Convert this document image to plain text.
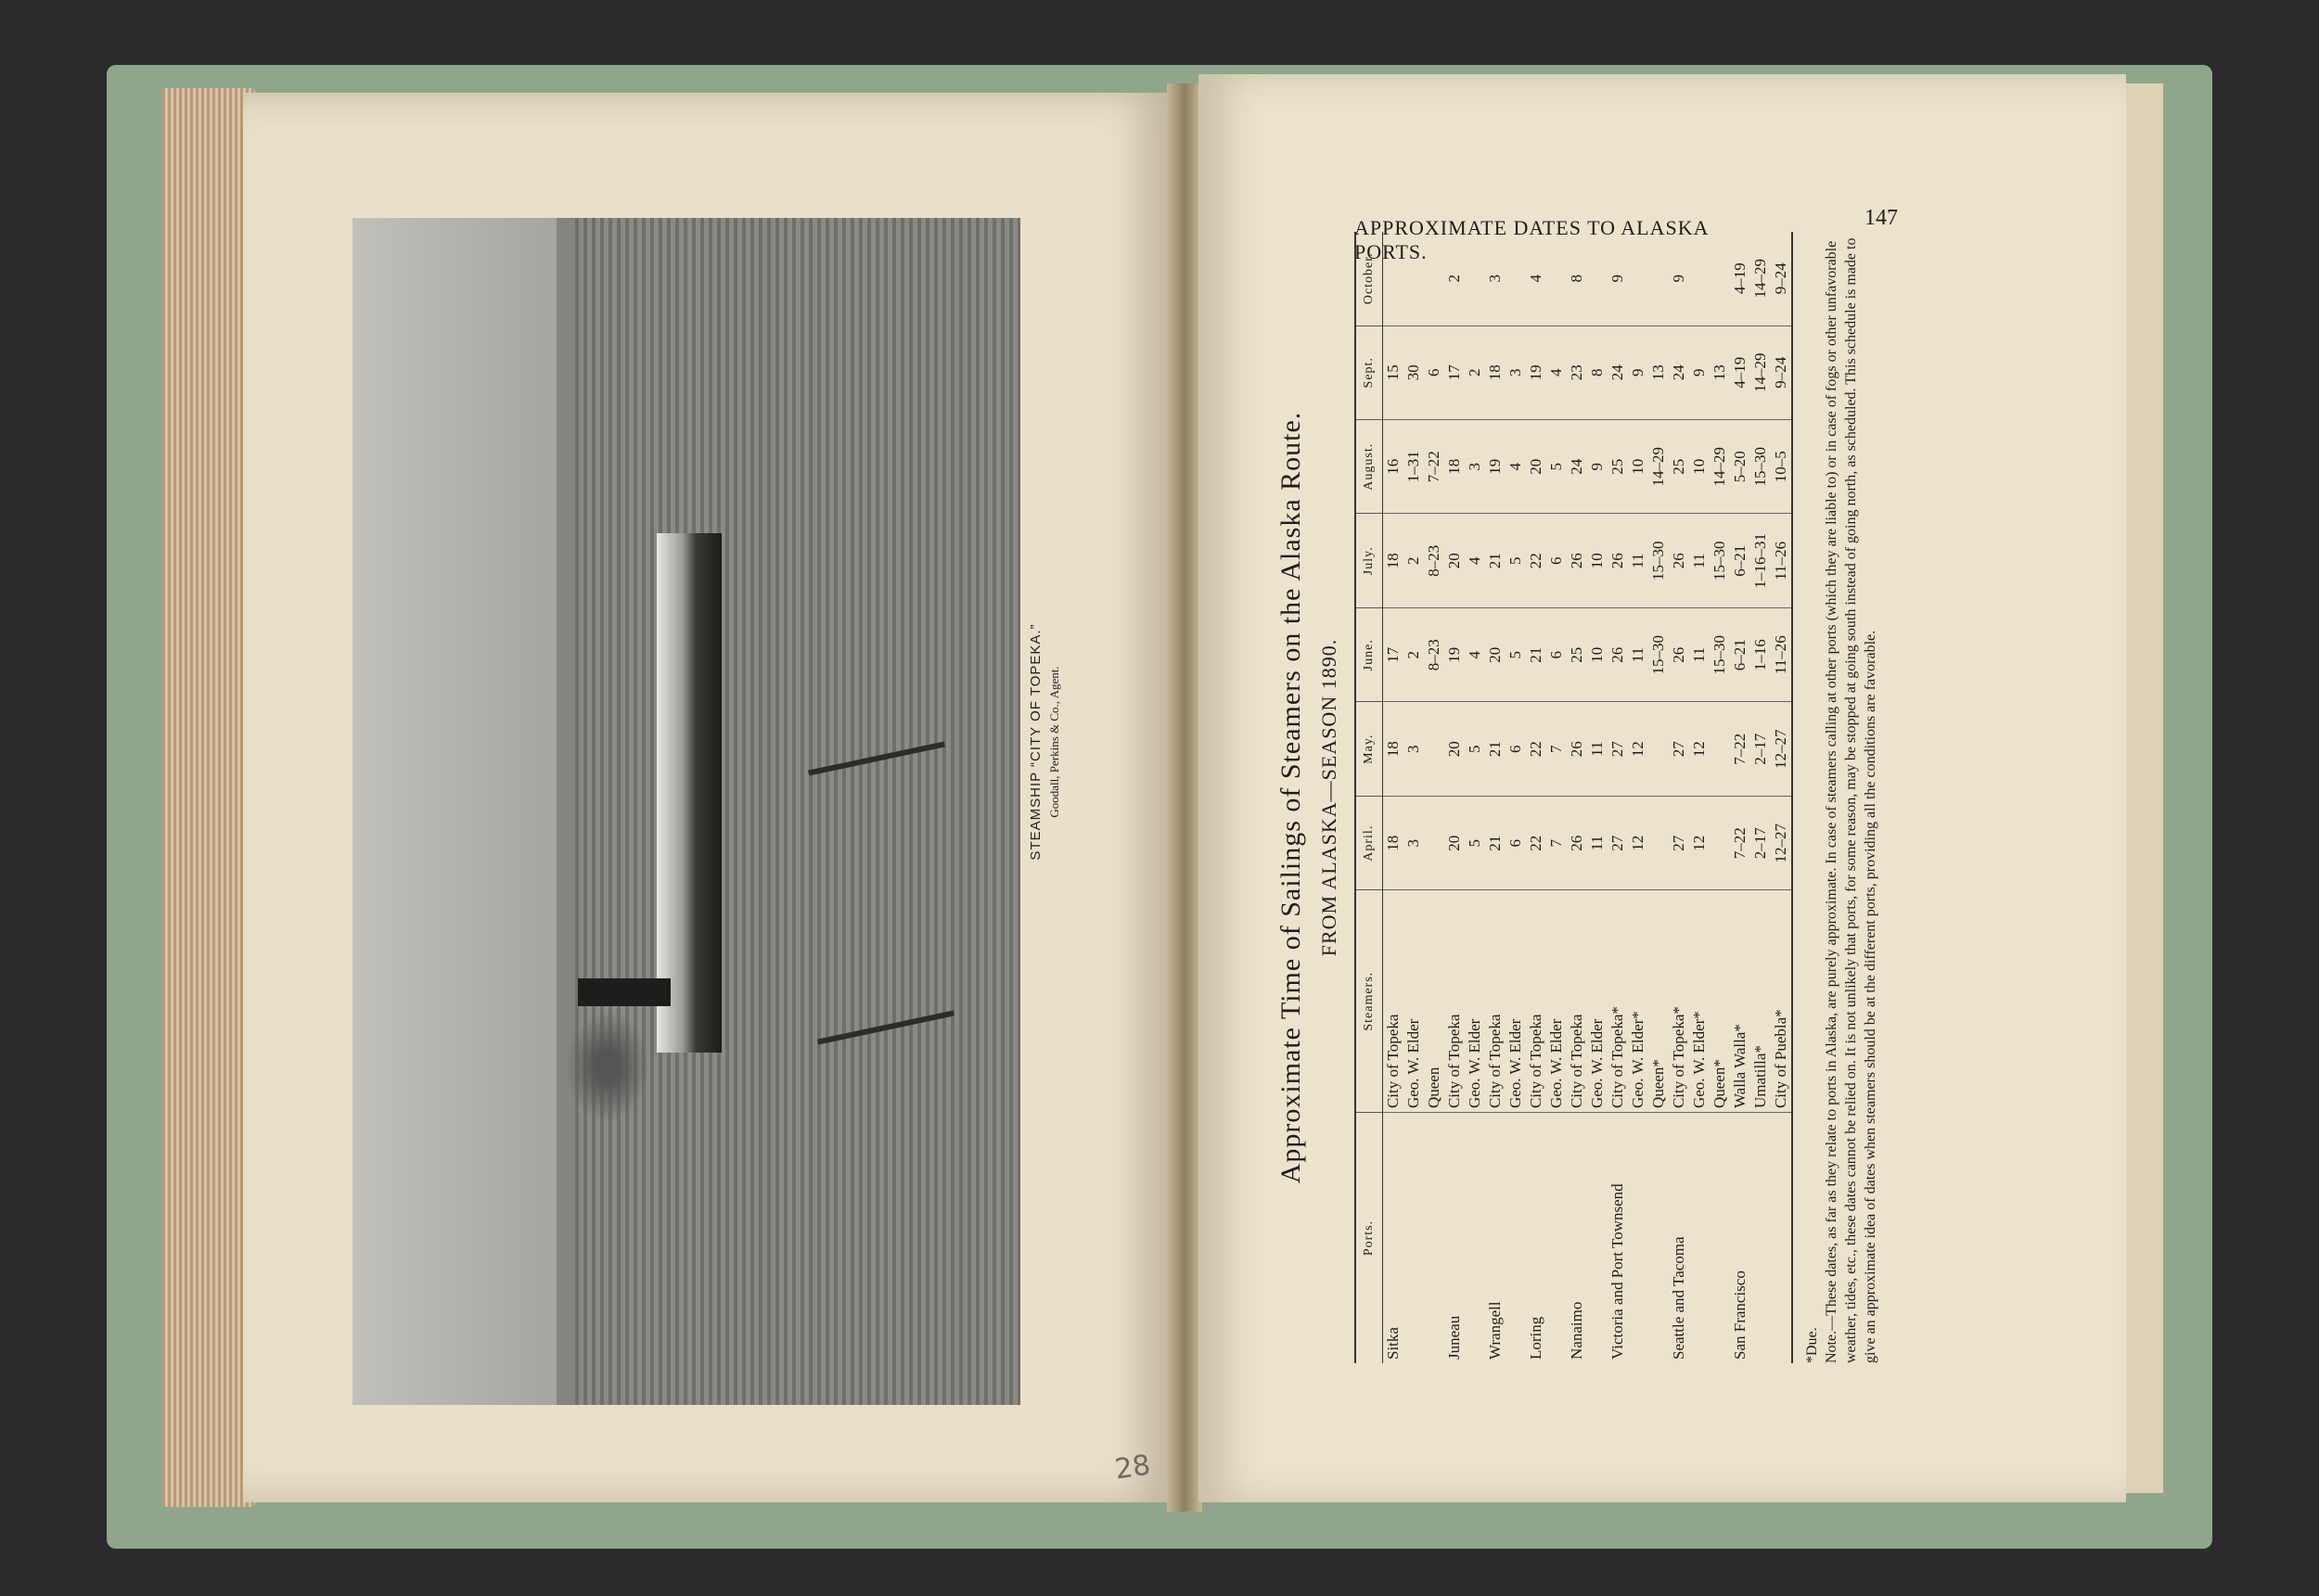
STEAMSHIP “CITY OF TOPEKA.” Goodall, Perkins & Co., Agent.
28
APPROXIMATE DATES TO ALASKA PORTS.
147
Approximate Time of Sailings of Steamers on the Alaska Route. FROM ALASKA—SEASON 1890.
Ports.	Steamers.	April.	May.	June.	July.	August.	Sept.	October.
Sitka	City of Topeka	18	18	17	18	16	15	
	Geo. W. Elder	3	3	2	2	1–31	30	
	Queen			8–23	8–23	7–22	6	
Juneau	City of Topeka	20	20	19	20	18	17	2
	Geo. W. Elder	5	5	4	4	3	2	
Wrangell	City of Topeka	21	21	20	21	19	18	3
	Geo. W. Elder	6	6	5	5	4	3	
Loring	City of Topeka	22	22	21	22	20	19	4
	Geo. W. Elder	7	7	6	6	5	4	
Nanaimo	City of Topeka	26	26	25	26	24	23	8
	Geo. W. Elder	11	11	10	10	9	8	
Victoria and Port Townsend	City of Topeka*	27	27	26	26	25	24	9
	Geo. W. Elder*	12	12	11	11	10	9	
	Queen*			15–30	15–30	14–29	13	
Seattle and Tacoma	City of Topeka*	27	27	26	26	25	24	9
	Geo. W. Elder*	12	12	11	11	10	9	
	Queen*			15–30	15–30	14–29	13	
San Francisco	Walla Walla*	7–22	7–22	6–21	6–21	5–20	4–19	4–19
	Umatilla*	2–17	2–17	1–16	1–16–31	15–30	14–29	14–29
	City of Puebla*	12–27	12–27	11–26	11–26	10–5	9–24	9–24
*Due. Note.—These dates, as far as they relate to ports in Alaska, are purely approximate. In case of steamers calling at other ports (which they are liable to) or in case of fogs or other unfavorable weather, tides, etc., these dates cannot be relied on. It is not unlikely that ports, for some reason, may be stopped at going south instead of going north, as scheduled. This schedule is made to give an approximate idea of dates when steamers should be at the different ports, providing all the conditions are favorable.
